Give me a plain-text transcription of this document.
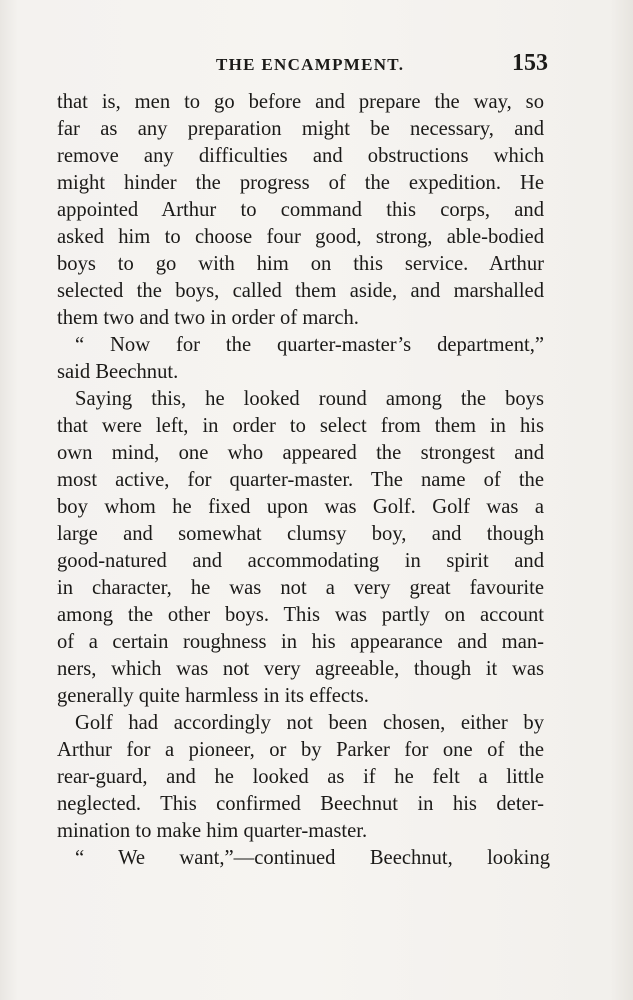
THE ENCAMPMENT.	153
that is, men to go before and prepare the way, so
far as any preparation might be necessary, and
remove any difficulties and obstructions which
might hinder the progress of the expedition. He
appointed Arthur to command this corps, and
asked him to choose four good, strong, able-bodied
boys to go with him on this service. Arthur
selected the boys, called them aside, and marshalled
them two and two in order of march.
“ Now for the quarter-master’s department,”
said Beechnut.
Saying this, he looked round among the boys
that were left, in order to select from them in his
own mind, one who appeared the strongest and
most active, for quarter-master. The name of the
boy whom he fixed upon was Golf. Golf was a
large and somewhat clumsy boy, and though
good-natured and accommodating in spirit and
in character, he was not a very great favourite
among the other boys. This was partly on account
of a certain roughness in his appearance and man-
ners, which was not very agreeable, though it was
generally quite harmless in its effects.
Golf had accordingly not been chosen, either by
Arthur for a pioneer, or by Parker for one of the
rear-guard, and he looked as if he felt a little
neglected. This confirmed Beechnut in his deter-
mination to make him quarter-master.
“ We want,”—continued Beechnut, looking
